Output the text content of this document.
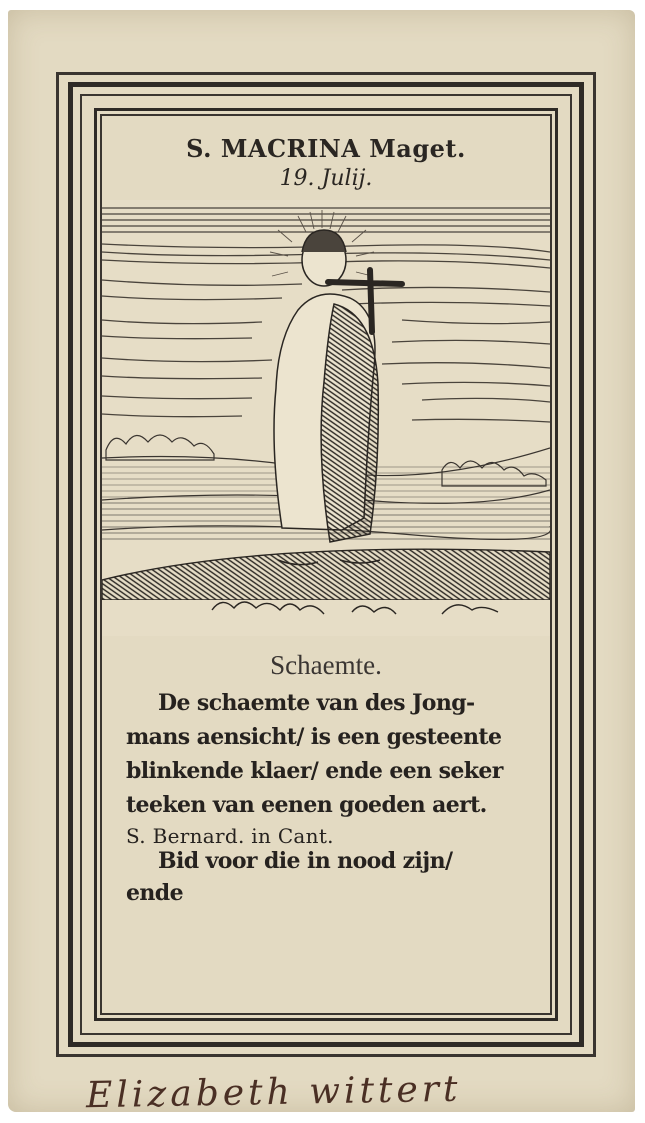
S. MACRINA Maget.
19. Julij.
Schaemte.
De schaemte van des Jong-
mans aensicht/ is een gesteente
blinkende klaer/ ende een seker
teeken van eenen goeden aert.
S. Bernard. in Cant.
Bid voor die in nood zijn/
ende
Elizabeth wittert
